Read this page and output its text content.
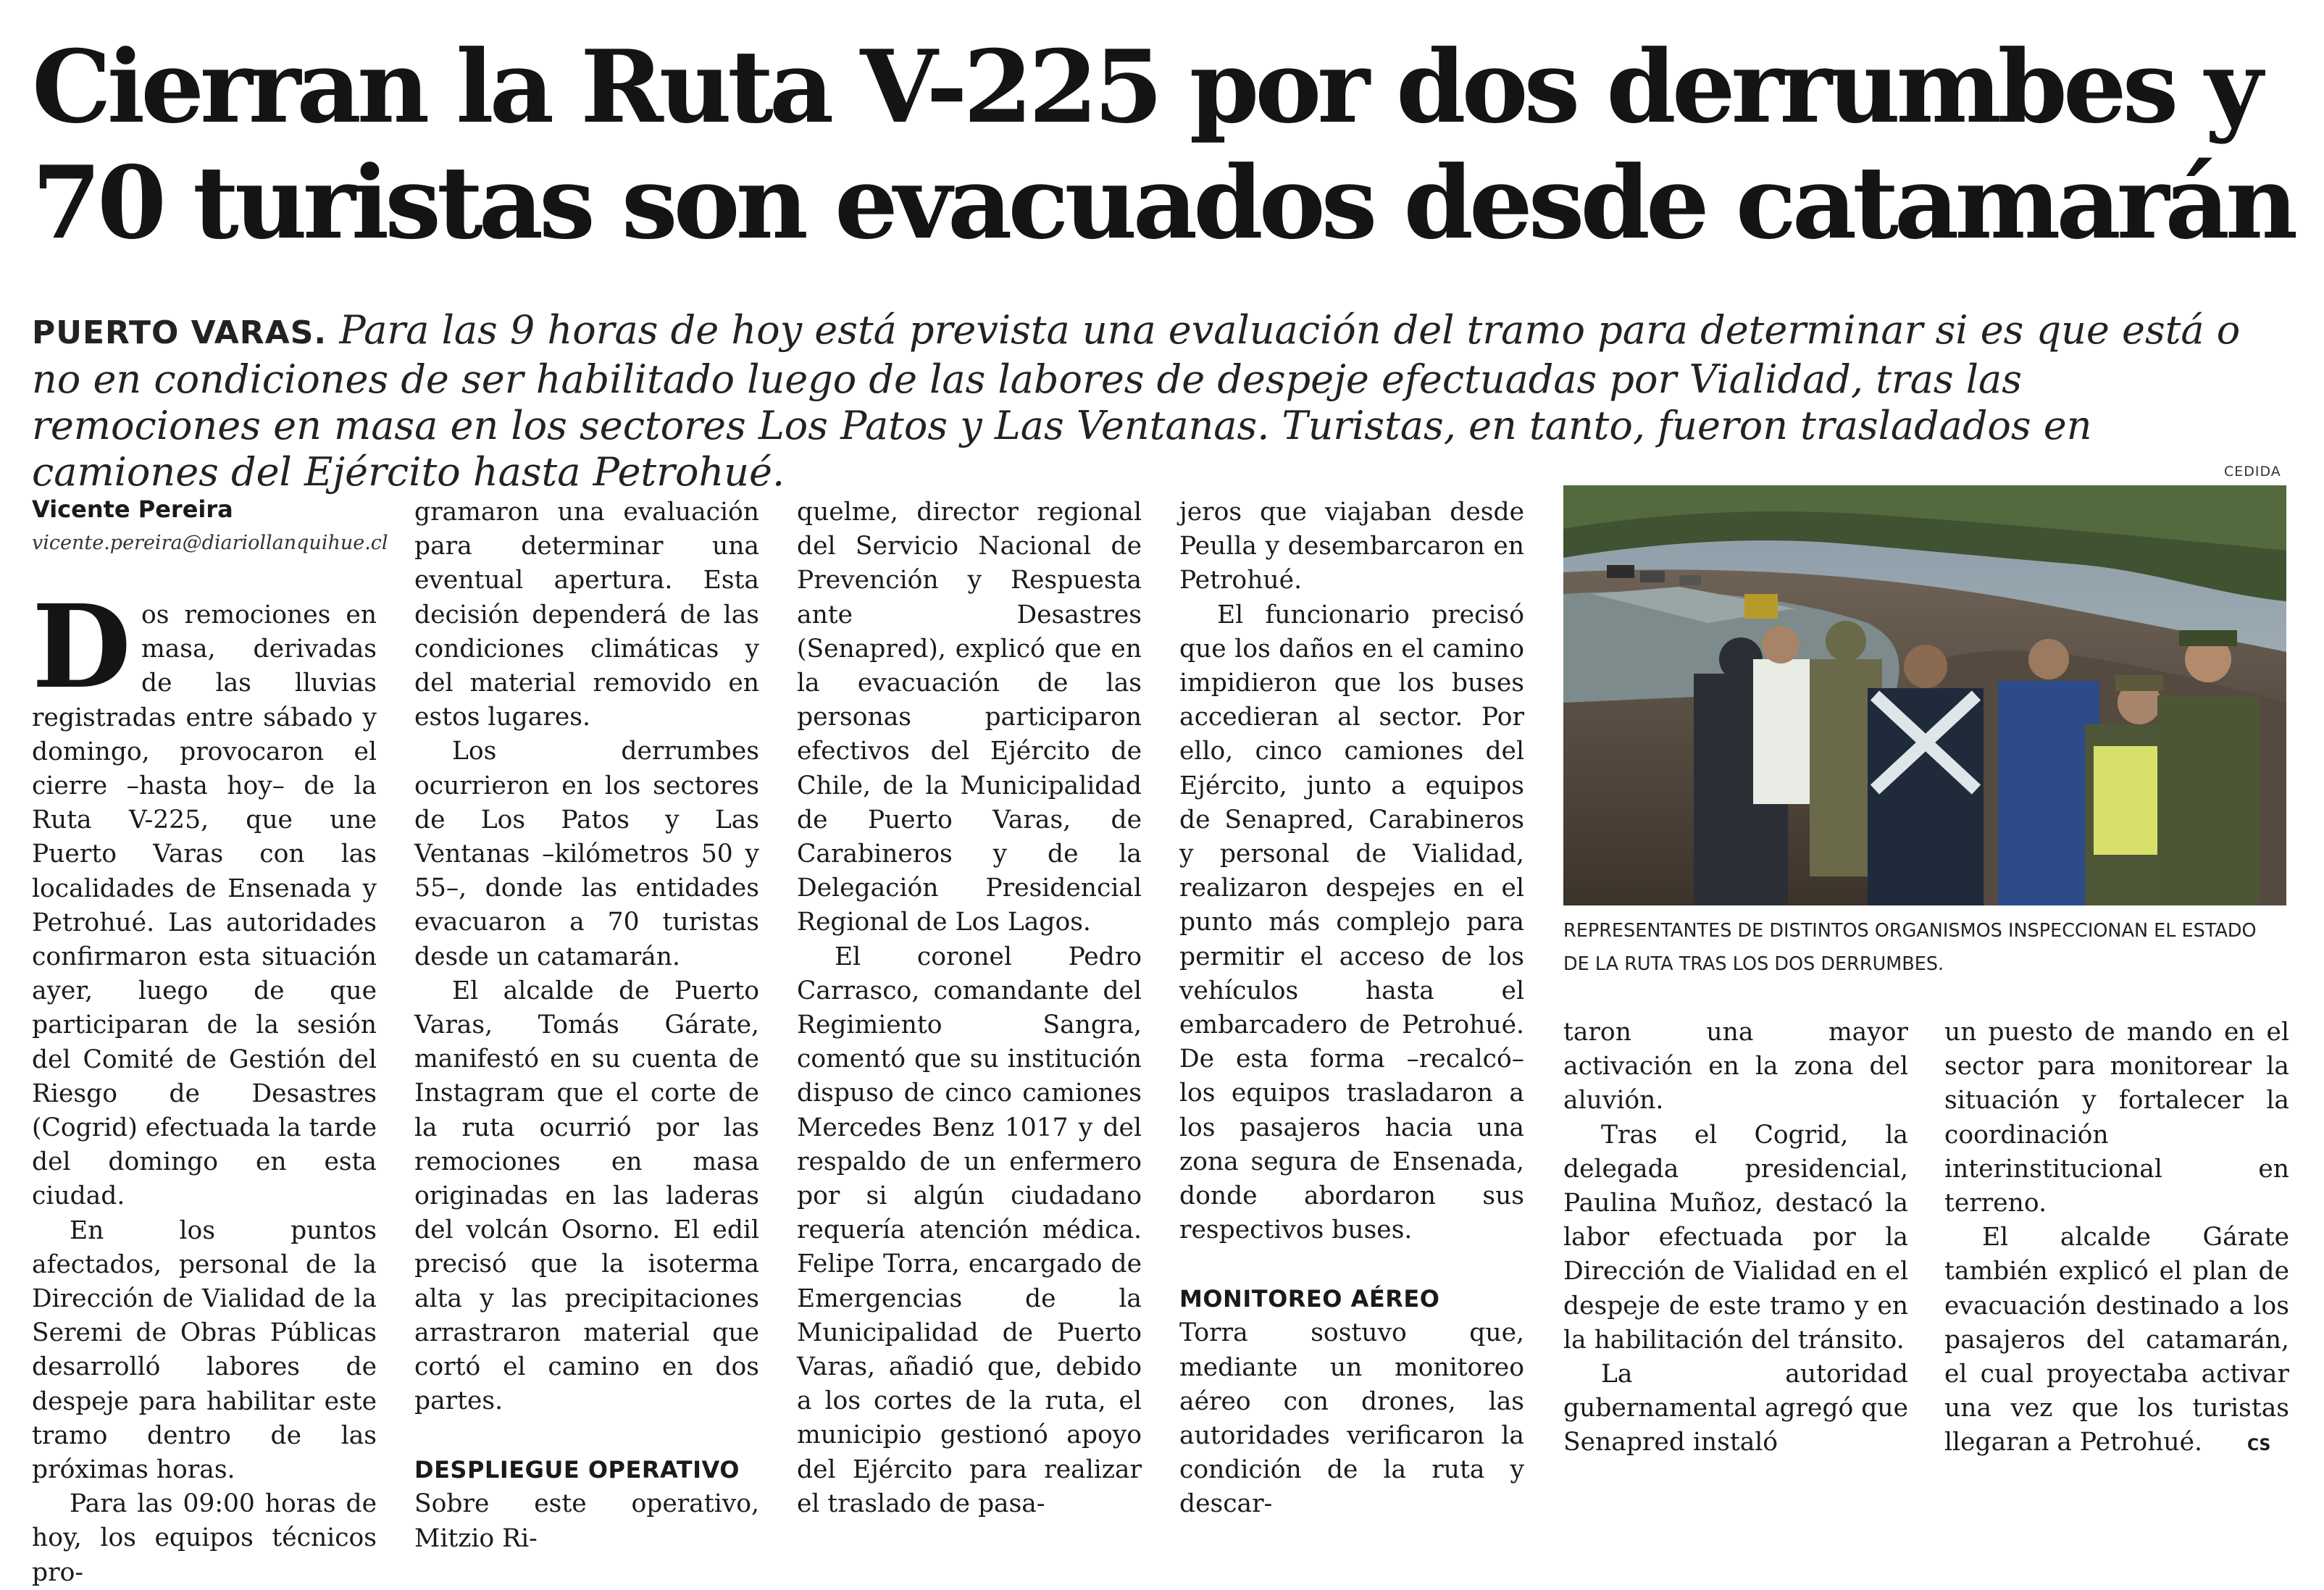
Cierran la Ruta V-225 por dos derrumbes y
70 turistas son evacuados desde catamarán

PUERTO VARAS. Para las 9 horas de hoy está prevista una evaluación del tramo para determinar si es que está o no en condiciones de ser habilitado luego de las labores de despeje efectuadas por Vialidad, tras las remociones en masa en los sectores Los Patos y Las Ventanas. Turistas, en tanto, fueron trasladados en camiones del Ejército hasta Petrohué.

Vicente Pereira
vicente.pereira@diariollanquihue.cl

Dos remociones en masa, derivadas de las lluvias registradas entre sábado y domingo, provocaron el cierre –hasta hoy– de la Ruta V-225, que une Puerto Varas con las localidades de Ensenada y Petrohué. Las autoridades confirmaron esta situación ayer, luego de que participaran de la sesión del Comité de Gestión del Riesgo de Desastres (Cogrid) efectuada la tarde del domingo en esta ciudad.

En los puntos afectados, personal de la Dirección de Vialidad de la Seremi de Obras Públicas desarrolló labores de despeje para habilitar este tramo dentro de las próximas horas.

Para las 09:00 horas de hoy, los equipos técnicos pro-

gramaron una evaluación para determinar una eventual apertura. Esta decisión dependerá de las condiciones climáticas y del material removido en estos lugares.

Los derrumbes ocurrieron en los sectores de Los Patos y Las Ventanas –kilómetros 50 y 55–, donde las entidades evacuaron a 70 turistas desde un catamarán.

El alcalde de Puerto Varas, Tomás Gárate, manifestó en su cuenta de Instagram que el corte de la ruta ocurrió por las remociones en masa originadas en las laderas del volcán Osorno. El edil precisó que la isoterma alta y las precipitaciones arrastraron material que cortó el camino en dos partes.

DESPLIEGUE OPERATIVO

Sobre este operativo, Mitzio Ri-

quelme, director regional del Servicio Nacional de Prevención y Respuesta ante Desastres (Senapred), explicó que en la evacuación de las personas participaron efectivos del Ejército de Chile, de la Municipalidad de Puerto Varas, de Carabineros y de la Delegación Presidencial Regional de Los Lagos.

El coronel Pedro Carrasco, comandante del Regimiento Sangra, comentó que su institución dispuso de cinco camiones Mercedes Benz 1017 y del respaldo de un enfermero por si algún ciudadano requería atención médica. Felipe Torra, encargado de Emergencias de la Municipalidad de Puerto Varas, añadió que, debido a los cortes de la ruta, el municipio gestionó apoyo del Ejército para realizar el traslado de pasa-

jeros que viajaban desde Peulla y desembarcaron en Petrohué.

El funcionario precisó que los daños en el camino impidieron que los buses accedieran al sector. Por ello, cinco camiones del Ejército, junto a equipos de Senapred, Carabineros y personal de Vialidad, realizaron despejes en el punto más complejo para permitir el acceso de los vehículos hasta el embarcadero de Petrohué. De esta forma –recalcó– los equipos trasladaron a los pasajeros hacia una zona segura de Ensenada, donde abordaron sus respectivos buses.

MONITOREO AÉREO

Torra sostuvo que, mediante un monitoreo aéreo con drones, las autoridades verificaron la condición de la ruta y descar-

CEDIDA
REPRESENTANTES DE DISTINTOS ORGANISMOS INSPECCIONAN EL ESTADO DE LA RUTA TRAS LOS DOS DERRUMBES.

taron una mayor activación en la zona del aluvión.

Tras el Cogrid, la delegada presidencial, Paulina Muñoz, destacó la labor efectuada por la Dirección de Vialidad en el despeje de este tramo y en la habilitación del tránsito.

La autoridad gubernamental agregó que Senapred instaló

un puesto de mando en el sector para monitorear la situación y fortalecer la coordinación interinstitucional en terreno.

El alcalde Gárate también explicó el plan de evacuación destinado a los pasajeros del catamarán, el cual proyectaba activar una vez que los turistas llegaran a Petrohué.	CS
